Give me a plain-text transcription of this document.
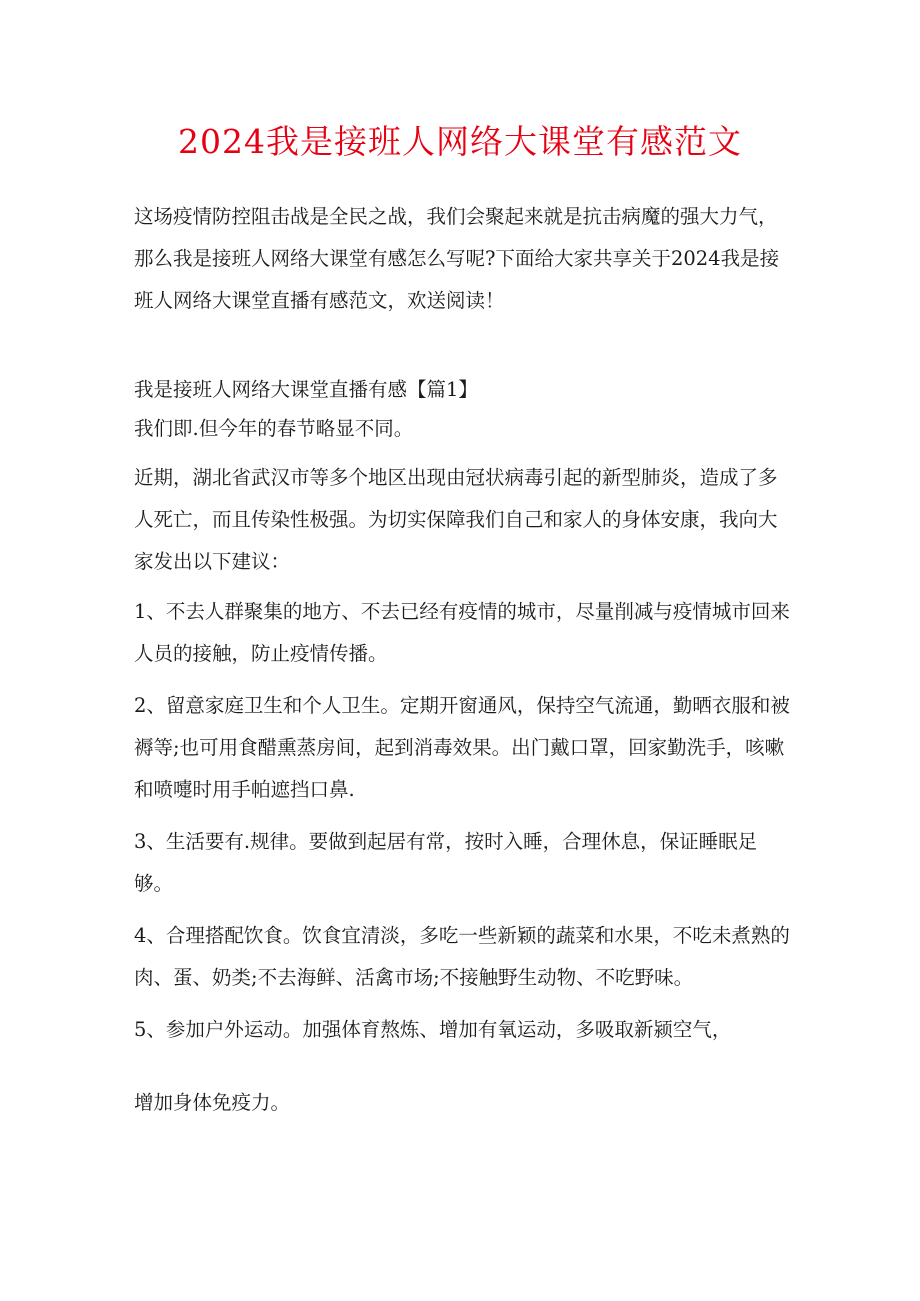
2024我是接班人网络大课堂有感范文

这场疫情防控阻击战是全民之战，我们会聚起来就是抗击病魔的强大力气，那么我是接班人网络大课堂有感怎么写呢?下面给大家共享关于2024我是接班人网络大课堂直播有感范文，欢送阅读！

我是接班人网络大课堂直播有感【篇1】
我们即.但今年的春节略显不同。
近期，湖北省武汉市等多个地区出现由冠状病毒引起的新型肺炎，造成了多人死亡，而且传染性极强。为切实保障我们自己和家人的身体安康，我向大家发出以下建议：
1、不去人群聚集的地方、不去已经有疫情的城市，尽量削减与疫情城市回来人员的接触，防止疫情传播。
2、留意家庭卫生和个人卫生。定期开窗通风，保持空气流通，勤晒衣服和被褥等;也可用食醋熏蒸房间，起到消毒效果。出门戴口罩，回家勤洗手，咳嗽和喷嚏时用手帕遮挡口鼻.
3、生活要有.规律。要做到起居有常，按时入睡，合理休息，保证睡眠足够。
4、合理搭配饮食。饮食宜清淡，多吃一些新颖的蔬菜和水果，不吃未煮熟的肉、蛋、奶类;不去海鲜、活禽市场;不接触野生动物、不吃野味。
5、参加户外运动。加强体育熬炼、增加有氧运动，多吸取新颍空气，
增加身体免疫力。
